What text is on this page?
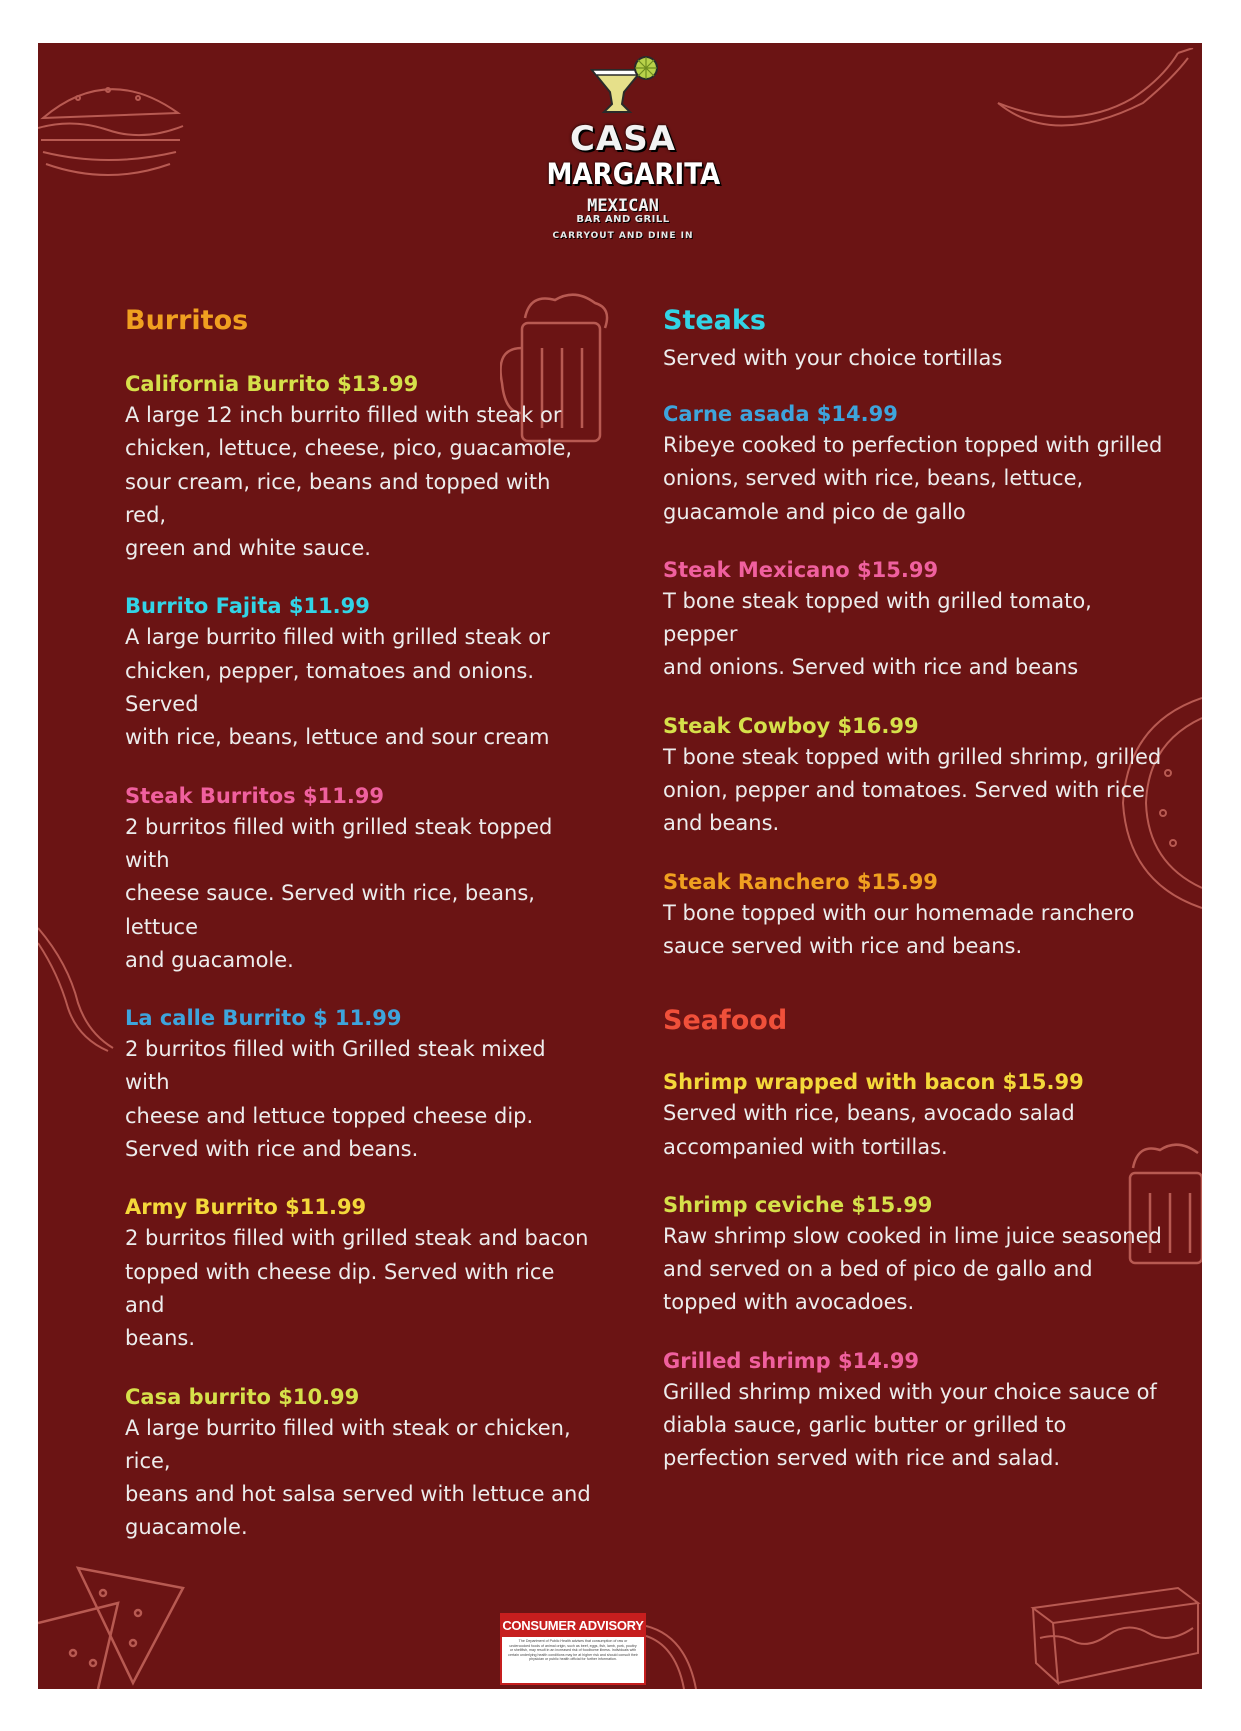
CASA
MARGARITA
MEXICAN
BAR AND GRILL
CARRYOUT AND DINE IN
Burritos

California Burrito $13.99

A large 12 inch burrito filled with steak or

chicken, lettuce, cheese, pico, guacamole,

sour cream, rice, beans and topped with red,

green and white sauce.

Burrito Fajita $11.99

A large burrito filled with grilled steak or

chicken, pepper, tomatoes and onions. Served

with rice, beans, lettuce and sour cream

Steak Burritos $11.99

2 burritos filled with grilled steak topped with

cheese sauce. Served with rice, beans, lettuce

and guacamole.

La calle Burrito $ 11.99

2 burritos filled with Grilled steak mixed with

cheese and lettuce topped cheese dip.

Served with rice and beans.

Army Burrito $11.99

2 burritos filled with grilled steak and bacon

topped with cheese dip. Served with rice and

beans.

Casa burrito $10.99

A large burrito filled with steak or chicken, rice,

beans and hot salsa served with lettuce and

guacamole.

Steaks

Served with your choice tortillas

Carne asada $14.99

Ribeye cooked to perfection topped with grilled

onions, served with rice, beans, lettuce,

guacamole and pico de gallo

Steak Mexicano $15.99

T bone steak topped with grilled tomato, pepper

and onions. Served with rice and beans

Steak Cowboy $16.99

T bone steak topped with grilled shrimp, grilled

onion, pepper and tomatoes. Served with rice

and beans.

Steak Ranchero $15.99

T bone topped with our homemade ranchero

sauce served with rice and beans.

Seafood

Shrimp wrapped with bacon $15.99

Served with rice, beans, avocado salad

accompanied with tortillas.

Shrimp ceviche $15.99

Raw shrimp slow cooked in lime juice seasoned

and served on a bed of pico de gallo and

topped with avocadoes.

Grilled shrimp $14.99

Grilled shrimp mixed with your choice sauce of

diabla sauce, garlic butter or grilled to

perfection served with rice and salad.

CONSUMER ADVISORY
The Department of Public Health advises that consumption of raw or undercooked foods of animal origin, such as beef, eggs, fish, lamb, pork, poultry or shellfish, may result in an increased risk of foodborne illness. Individuals with certain underlying health conditions may be at higher risk and should consult their physician or public health official for further information.
